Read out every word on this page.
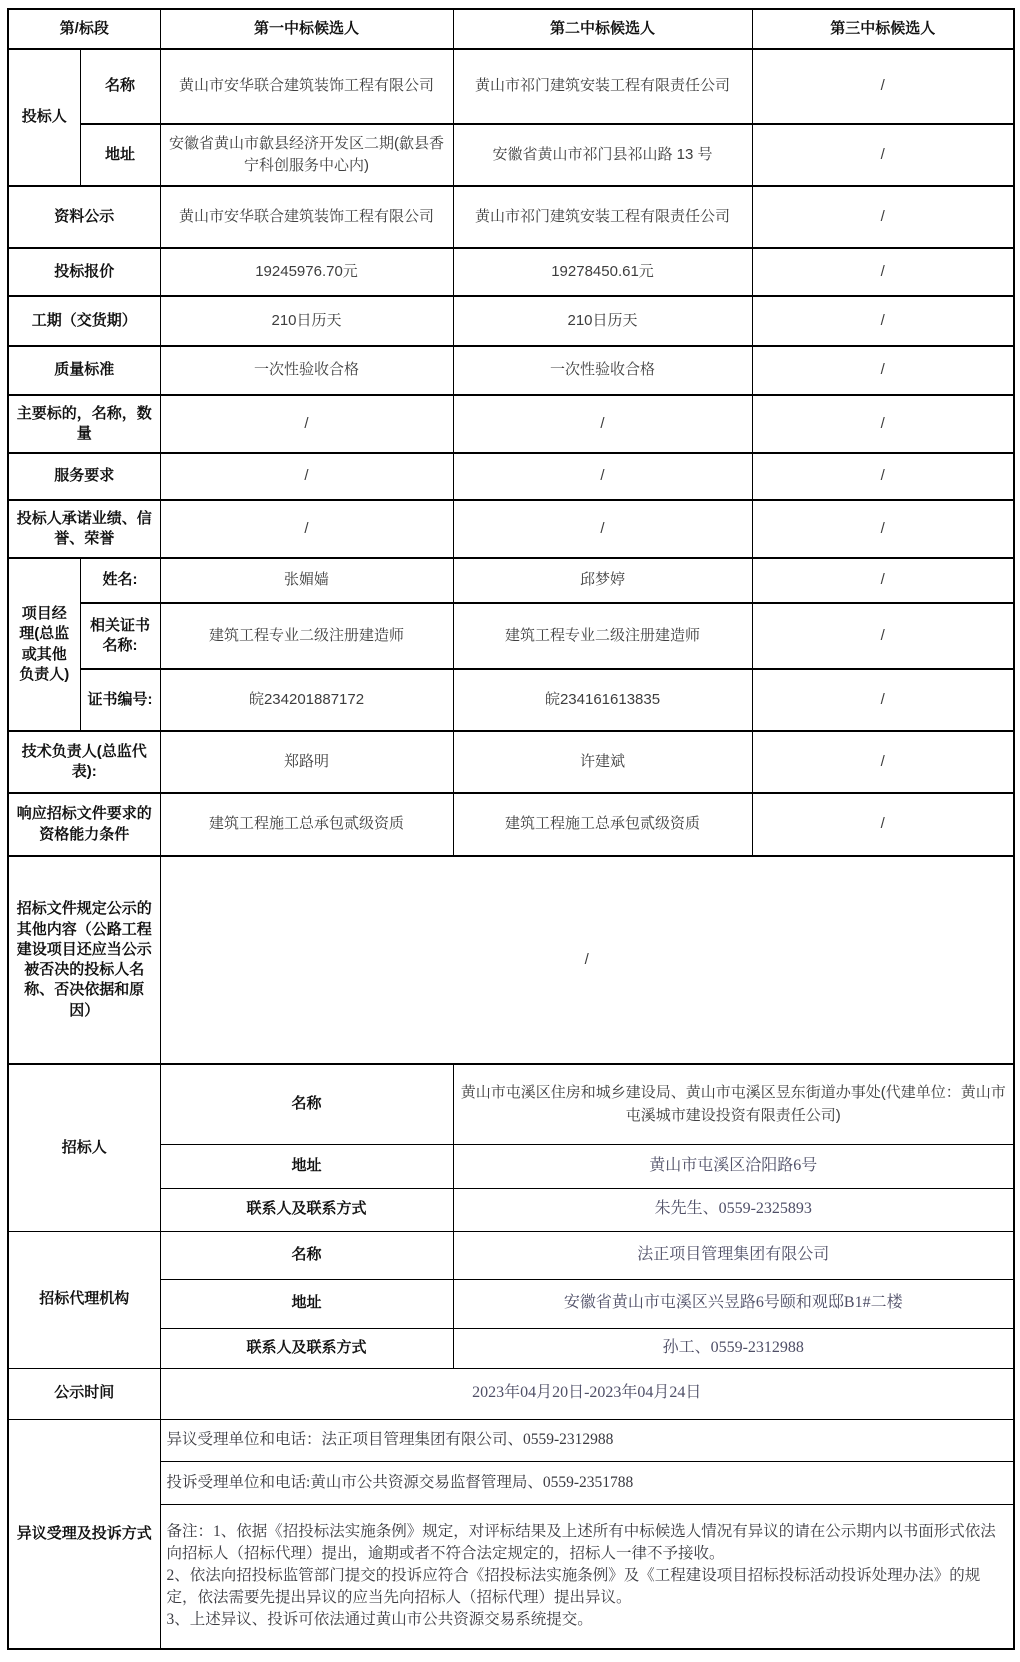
第/标段		第一中标候选人	第二中标候选人	第三中标候选人
投标人	名称	黄山市安华联合建筑装饰工程有限公司	黄山市祁门建筑安装工程有限责任公司	/
	地址	安徽省黄山市歙县经济开发区二期(歙县香宁科创服务中心内)	安徽省黄山市祁门县祁山路 13 号	/
资料公示		黄山市安华联合建筑装饰工程有限公司	黄山市祁门建筑安装工程有限责任公司	/
投标报价		19245976.70元	19278450.61元	/
工期（交货期）		210日历天	210日历天	/
质量标准		一次性验收合格	一次性验收合格	/
主要标的，名称，数量		/	/	/
服务要求		/	/	/
投标人承诺业绩、信誉、荣誉		/	/	/
项目经理(总监或其他负责人)	姓名:	张媚嫱	邱梦婷	/
	相关证书名称:	建筑工程专业二级注册建造师	建筑工程专业二级注册建造师	/
	证书编号:	皖234201887172	皖234161613835	/
技术负责人(总监代表):		郑路明	许建斌	/
响应招标文件要求的资格能力条件		建筑工程施工总承包贰级资质	建筑工程施工总承包贰级资质	/
招标文件规定公示的其他内容（公路工程建设项目还应当公示被否决的投标人名称、否决依据和原因）		/		
招标人		名称	黄山市屯溪区住房和城乡建设局、黄山市屯溪区昱东街道办事处(代建单位：黄山市屯溪城市建设投资有限责任公司)	
		地址	黄山市屯溪区洽阳路6号	
		联系人及联系方式	朱先生、0559-2325893	
招标代理机构		名称	法正项目管理集团有限公司	
		地址	安徽省黄山市屯溪区兴昱路6号颐和观邸B1#二楼	
		联系人及联系方式	孙工、0559-2312988	
公示时间		2023年04月20日-2023年04月24日		
异议受理及投诉方式		异议受理单位和电话：法正项目管理集团有限公司、0559-2312988		
		投诉受理单位和电话:黄山市公共资源交易监督管理局、0559-2351788		

		备注：1、依据《招投标法实施条例》规定，对评标结果及上述所有中标候选人情况有异议的请在公示期内以书面形式依法向招标人（招标代理）提出，逾期或者不符合法定规定的，招标人一律不予接收。
2、依法向招投标监管部门提交的投诉应符合《招投标法实施条例》及《工程建设项目招标投标活动投诉处理办法》的规定，依法需要先提出异议的应当先向招标人（招标代理）提出异议。
3、上述异议、投诉可依法通过黄山市公共资源交易系统提交。		
